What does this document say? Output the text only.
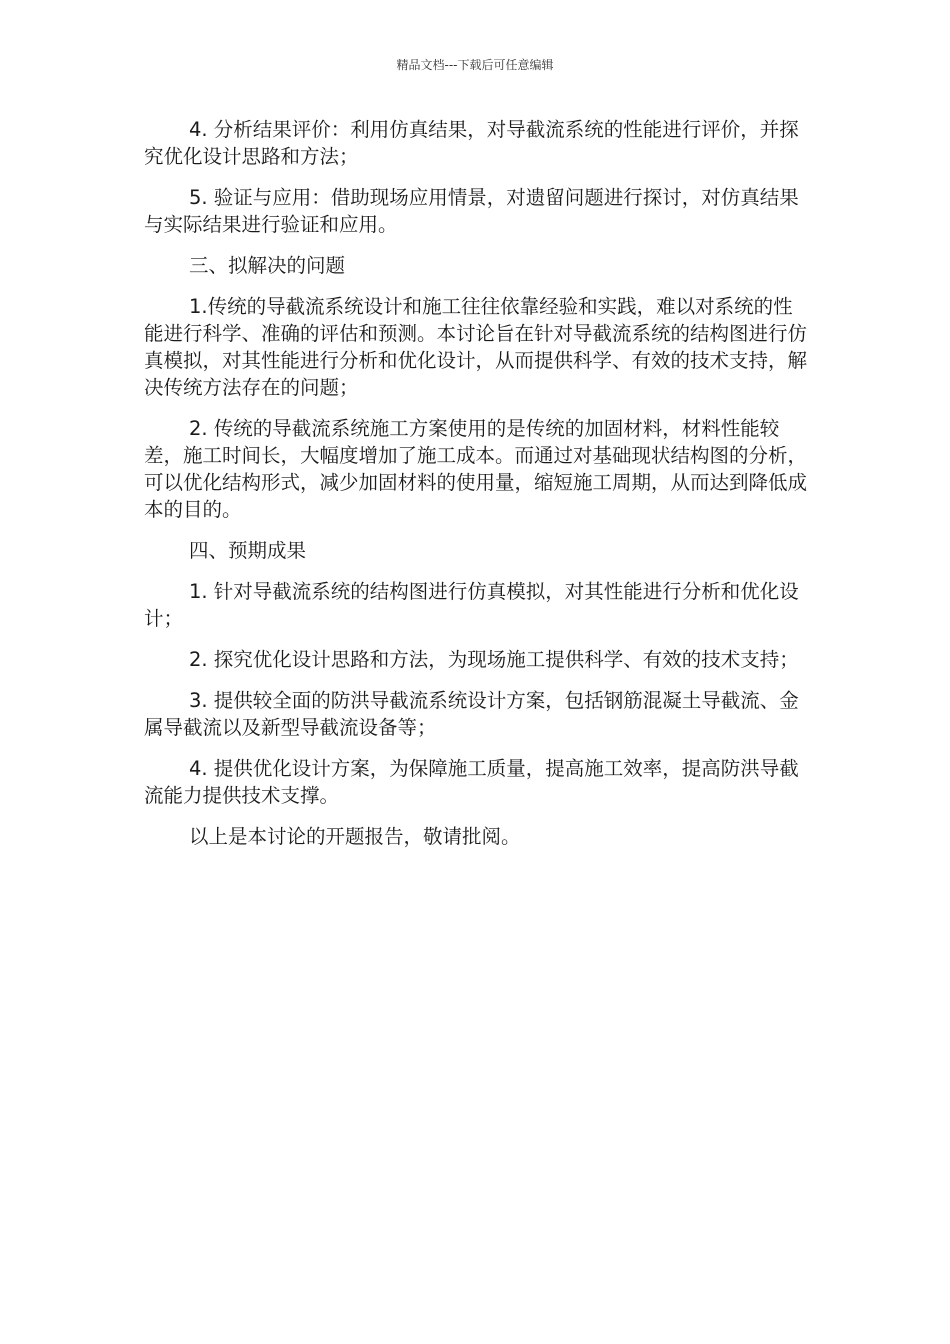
精品文档---下载后可任意编辑

4. 分析结果评价：利用仿真结果，对导截流系统的性能进行评价，并探究优化设计思路和方法；

5. 验证与应用：借助现场应用情景，对遗留问题进行探讨，对仿真结果与实际结果进行验证和应用。

三、拟解决的问题

1.传统的导截流系统设计和施工往往依靠经验和实践，难以对系统的性能进行科学、准确的评估和预测。本讨论旨在针对导截流系统的结构图进行仿真模拟，对其性能进行分析和优化设计，从而提供科学、有效的技术支持，解决传统方法存在的问题；

2. 传统的导截流系统施工方案使用的是传统的加固材料，材料性能较差，施工时间长，大幅度增加了施工成本。而通过对基础现状结构图的分析，可以优化结构形式，减少加固材料的使用量，缩短施工周期，从而达到降低成本的目的。

四、预期成果

1. 针对导截流系统的结构图进行仿真模拟，对其性能进行分析和优化设计；

2. 探究优化设计思路和方法，为现场施工提供科学、有效的技术支持；

3. 提供较全面的防洪导截流系统设计方案，包括钢筋混凝土导截流、金属导截流以及新型导截流设备等；

4. 提供优化设计方案，为保障施工质量，提高施工效率，提高防洪导截流能力提供技术支撑。

以上是本讨论的开题报告，敬请批阅。
